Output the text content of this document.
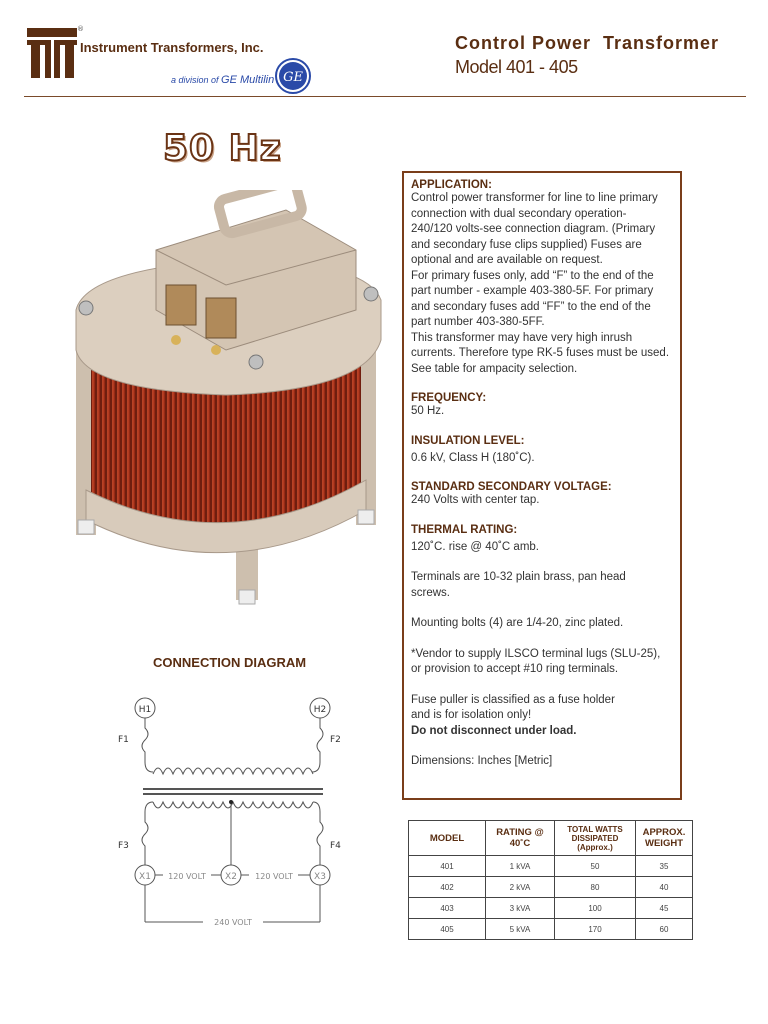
®
Instrument Transformers, Inc.
a division of GE Multilin GE
Control Power  Transformer
Model 401 - 405
50 Hz
APPLICATION:

Control power transformer for line to line primary

connection with dual secondary operation-

240/120 volts-see connection diagram. (Primary

and secondary fuse clips supplied) Fuses are

optional and are available on request.

For primary fuses only, add “F” to the end of the

part number - example 403-380-5F. For primary

and secondary fuses add “FF” to the end of the

part number 403-380-5FF.

This transformer may have very high inrush

currents. Therefore type RK-5 fuses must be used.

See table for ampacity selection.

FREQUENCY:

50 Hz.

INSULATION LEVEL:

0.6 kV, Class H (180˚C).

STANDARD SECONDARY VOLTAGE:

240 Volts with center tap.

THERMAL RATING:

120˚C. rise @ 40˚C amb.

Terminals are 10-32 plain brass, pan head

screws.

Mounting bolts (4) are 1/4-20, zinc plated.

*Vendor to supply ILSCO terminal lugs (SLU-25),

or provision to accept #10 ring terminals.

Fuse puller is classified as a fuse holder

and is for isolation only!

Do not disconnect under load.

Dimensions: Inches [Metric]

CONNECTION DIAGRAM
H1	H2
F1	F2
F3	F4
X1	X2	X3
120 VOLT	120 VOLT
240 VOLT
MODEL	RATING @ 40˚C	TOTAL WATTS DISSIPATED (Approx.)	APPROX. WEIGHT
401	1 kVA	50	35
402	2 kVA	80	40
403	3 kVA	100	45
405	5 kVA	170	60
